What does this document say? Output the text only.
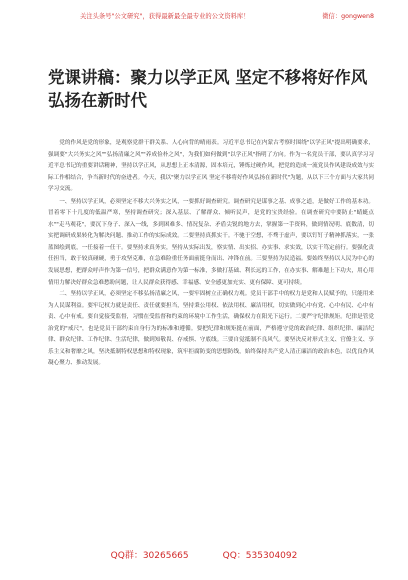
关注头条号"公文研究"，获得最新最全最专业的公文资料库！	微信：gongwen8
党课讲稿：聚力以学正风 坚定不移将好作风弘扬在新时代

党的作风是党的形象，是观察党群干群关系、人心向背的晴雨表。习近平总书记在内蒙古考察时围绕"以学正风"提出明确要求，强调要"大兴务实之风""弘扬清廉之风""养成俭朴之风"，为我们如何做到"以学正风"指明了方向。作为一名党员干部，要认真学习习近平总书记的重要讲话精神，坚持以学正风，从思想上正本清源，固本培元，锤炼过硬作风，把党的造成一流党员作风建设成效与实际工作相结合，争当新时代的奋进者。今天，我以"聚力以学正风 坚定不移将好作风弘扬在新时代"为题，从以下三个方面与大家共同学习交流。

一、坚持以学正风，必须坚定不移大兴务实之风，一要抓好调查研究。调查研究是谋事之基、成事之道，是做好工作的基本功。冒着零下十几度的低温严寒，坚持调查研究；深入基层、了解群众、倾听民声，是党的宝贵经验。在调查研究中要防止"蜻蜓点水""走马观花"，要沉下身子、深入一线，多到困难多、情况复杂、矛盾尖锐的地方去，掌握第一手资料，做到情况明、底数清，切实把调研成果转化为解决问题、推动工作的实际成效。二要坚持真抓实干。不驰于空想，不骛于虚声，要以钉钉子精神抓落实，一张蓝图绘到底，一任接着一任干。要坚持求真务实，坚持从实际出发，察实情、出实招、办实事、求实效，以实干笃定前行。要强化责任担当，敢于较真碰硬，勇于攻坚克难，在急难险重任务面前挺身而出、冲锋在前。三要坚持为民造福。要始终坚持以人民为中心的发展思想，把群众呼声作为第一信号，把群众满意作为第一标准，多做打基础、利长远的工作，在办实事、解难题上下功夫，用心用情用力解决好群众急难愁盼问题，让人民群众获得感、幸福感、安全感更加充实、更有保障、更可持续。

二、坚持以学正风，必须坚定不移弘扬清廉之风，一要牢固树立正确权力观。党员干部手中的权力是党和人民赋予的，只能用来为人民谋利益。要牢记权力就是责任、责任就要担当，坚持秉公用权、依法用权、廉洁用权，切实做到心中有党、心中有民、心中有责、心中有戒。要自觉接受监督，习惯在受监督和约束的环境中工作生活，确保权力在阳光下运行。二要严守纪律规矩。纪律是管党治党的"戒尺"，也是党员干部约束自身行为的标准和遵循。要把纪律和规矩挺在前面，严格遵守党的政治纪律、组织纪律、廉洁纪律、群众纪律、工作纪律、生活纪律，做到知敬畏、存戒惧、守底线。三要自觉抵制不良风气。要坚决反对形式主义、官僚主义、享乐主义和奢靡之风，坚决抵制特权思想和特权现象，筑牢拒腐防变的思想防线，始终保持共产党人清正廉洁的政治本色，以优良作风凝心聚力、推动发展。

QQ群：30265665	QQ：535304092
